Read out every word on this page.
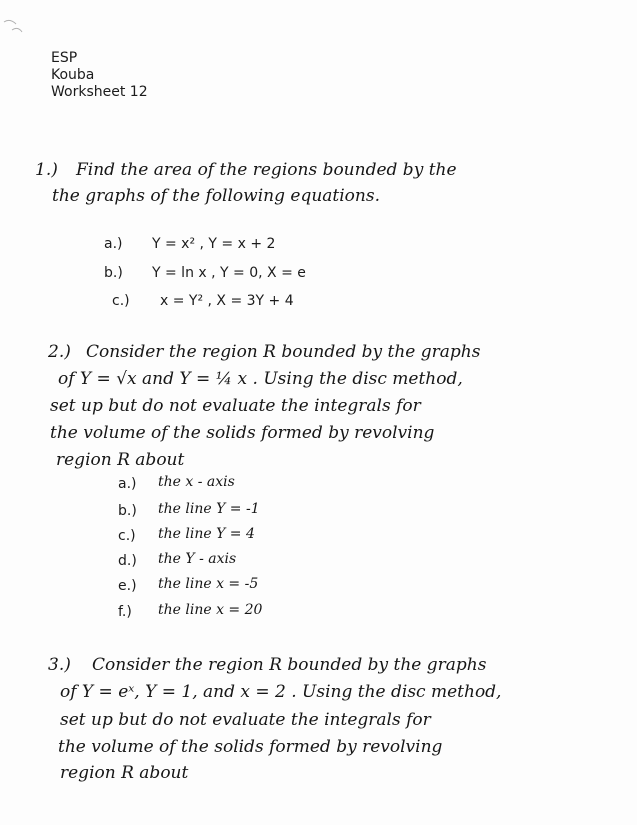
ESP
Kouba
Worksheet 12
1.) Find the area of the regions bounded by the
the graphs of the following equations.
a.) Y = x² , Y = x + 2
b.) Y = ln x , Y = 0, X = e
c.) x = Y² , X = 3Y + 4
2.) Consider the region R bounded by the graphs
of Y = √x and Y = ¼ x . Using the disc method,
set up but do not evaluate the integrals for
the volume of the solids formed by revolving
region R about
a.) the x - axis
b.) the line Y = -1
c.) the line Y = 4
d.) the Y - axis
e.) the line x = -5
f.) the line x = 20
3.) Consider the region R bounded by the graphs
of Y = eˣ, Y = 1, and x = 2 . Using the disc method,
set up but do not evaluate the integrals for
the volume of the solids formed by revolving
region R about
